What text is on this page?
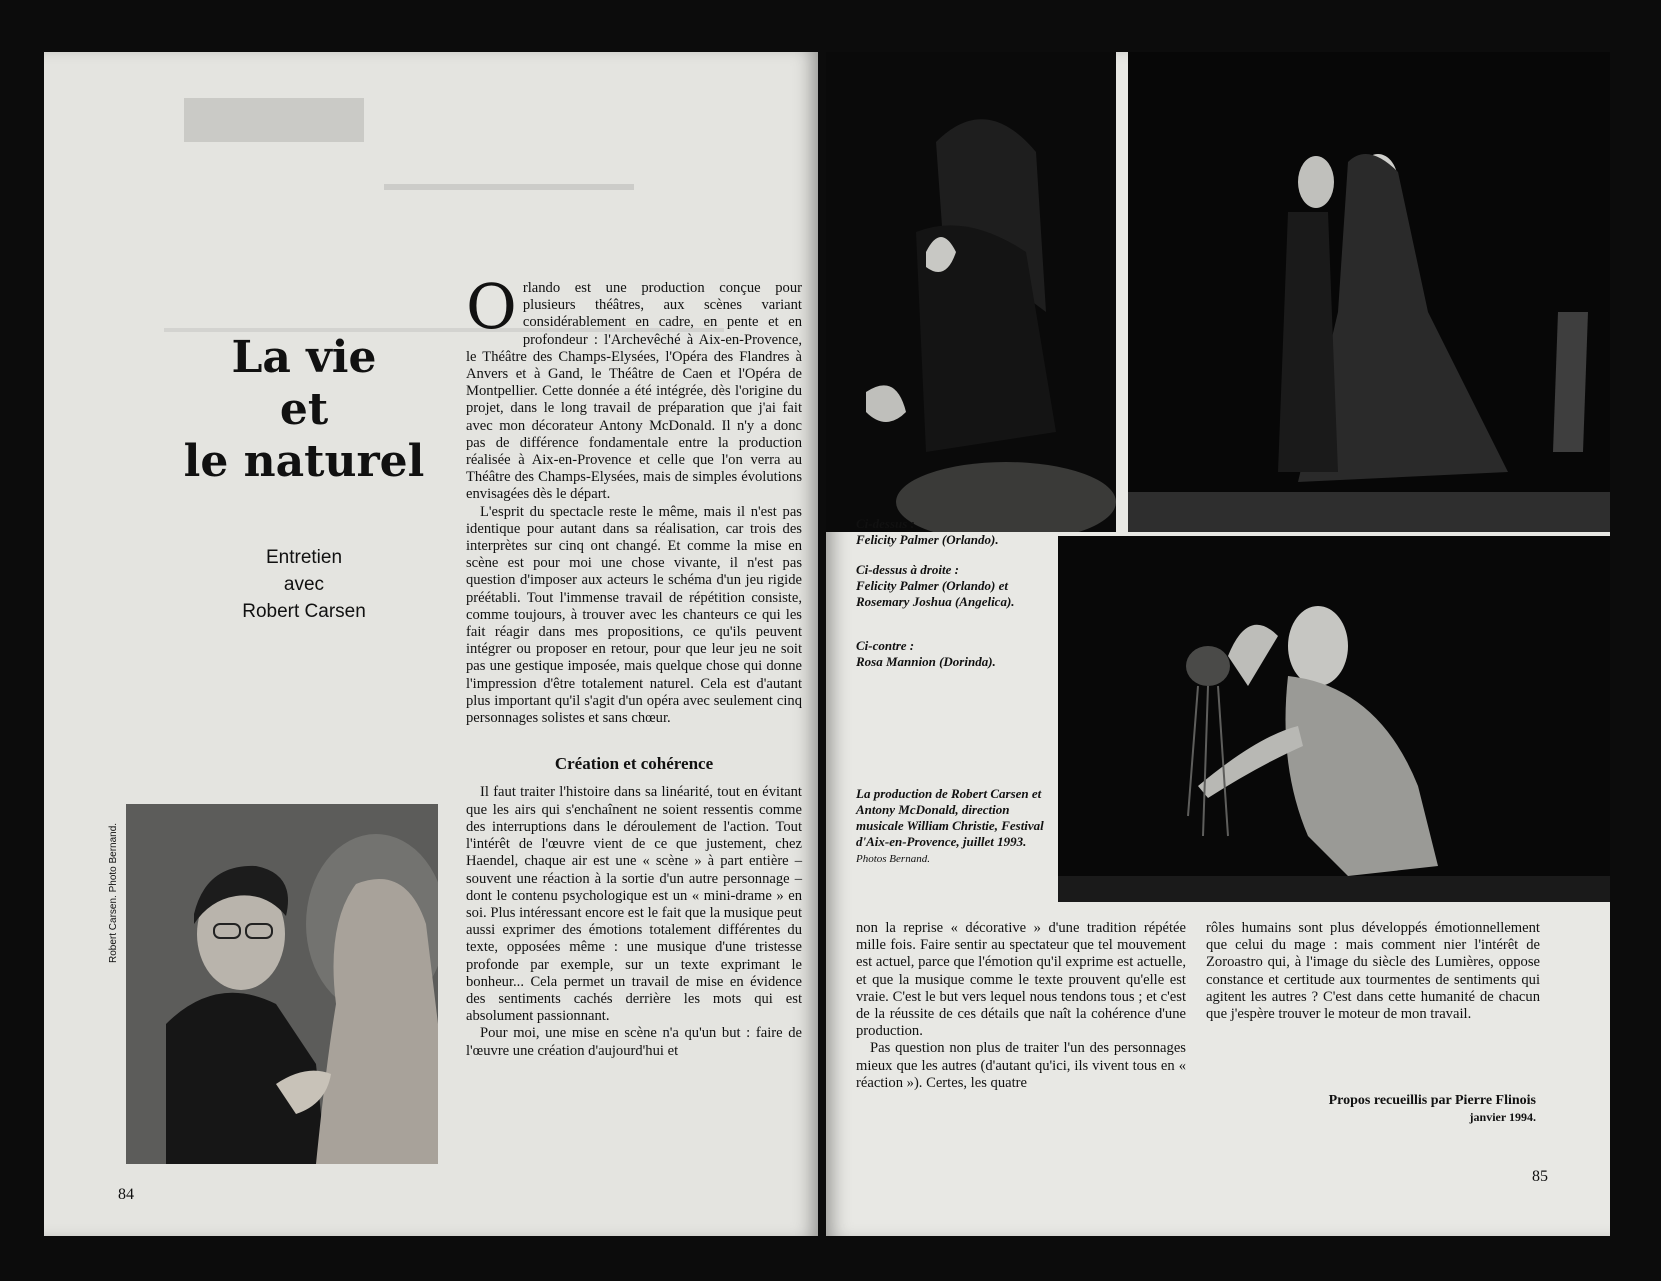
La vie
et
le naturel
Entretien
avec
Robert Carsen

Orlando est une production conçue pour plusieurs théâtres, aux scènes variant considérablement en cadre, en pente et en profondeur : l'Archevêché à Aix-en-Provence, le Théâtre des Champs-Elysées, l'Opéra des Flandres à Anvers et à Gand, le Théâtre de Caen et l'Opéra de Montpellier. Cette donnée a été intégrée, dès l'origine du projet, dans le long travail de préparation que j'ai fait avec mon décorateur Antony McDonald. Il n'y a donc pas de différence fondamentale entre la production réalisée à Aix-en-Provence et celle que l'on verra au Théâtre des Champs-Elysées, mais de simples évolutions envisagées dès le départ.

L'esprit du spectacle reste le même, mais il n'est pas identique pour autant dans sa réalisation, car trois des interprètes sur cinq ont changé. Et comme la mise en scène est pour moi une chose vivante, il n'est pas question d'imposer aux acteurs le schéma d'un jeu rigide préétabli. Tout l'immense travail de répétition consiste, comme toujours, à trouver avec les chanteurs ce qui les fait réagir dans mes propositions, ce qu'ils peuvent intégrer ou proposer en retour, pour que leur jeu ne soit pas une gestique imposée, mais quelque chose qui donne l'impression d'être totalement naturel. Cela est d'autant plus important qu'il s'agit d'un opéra avec seulement cinq personnages solistes et sans chœur.

Création et cohérence

Il faut traiter l'histoire dans sa linéarité, tout en évitant que les airs qui s'enchaînent ne soient ressentis comme des interruptions dans le déroulement de l'action. Tout l'intérêt de l'œuvre vient de ce que justement, chez Haendel, chaque air est une « scène » à part entière – souvent une réaction à la sortie d'un autre personnage – dont le contenu psychologique est un « mini-drame » en soi. Plus intéressant encore est le fait que la musique peut aussi exprimer des émotions totalement différentes du texte, opposées même : une musique d'une tristesse profonde par exemple, sur un texte exprimant le bonheur... Cela permet un travail de mise en évidence des sentiments cachés derrière les mots qui est absolument passionnant.

Pour moi, une mise en scène n'a qu'un but : faire de l'œuvre une création d'aujourd'hui et

Robert Carsen. Photo Bernand.
84
Ci-dessus :
Felicity Palmer (Orlando).
Ci-dessus à droite :
Felicity Palmer (Orlando) et Rosemary Joshua (Angelica).
Ci-contre :
Rosa Mannion (Dorinda).
La production de Robert Carsen et Antony McDonald, direction musicale William Christie, Festival d'Aix-en-Provence, juillet 1993. Photos Bernand.

non la reprise « décorative » d'une tradition répétée mille fois. Faire sentir au spectateur que tel mouvement est actuel, parce que l'émotion qu'il exprime est actuelle, et que la musique comme le texte prouvent qu'elle est vraie. C'est le but vers lequel nous tendons tous ; et c'est de la réussite de ces détails que naît la cohérence d'une production.

Pas question non plus de traiter l'un des personnages mieux que les autres (d'autant qu'ici, ils vivent tous en « réaction »). Certes, les quatre

rôles humains sont plus développés émotionnellement que celui du mage : mais comment nier l'intérêt de Zoroastro qui, à l'image du siècle des Lumières, oppose constance et certitude aux tourmentes de sentiments qui agitent les autres ? C'est dans cette humanité de chacun que j'espère trouver le moteur de mon travail.

Propos recueillis par Pierre Flinois
janvier 1994.
85
